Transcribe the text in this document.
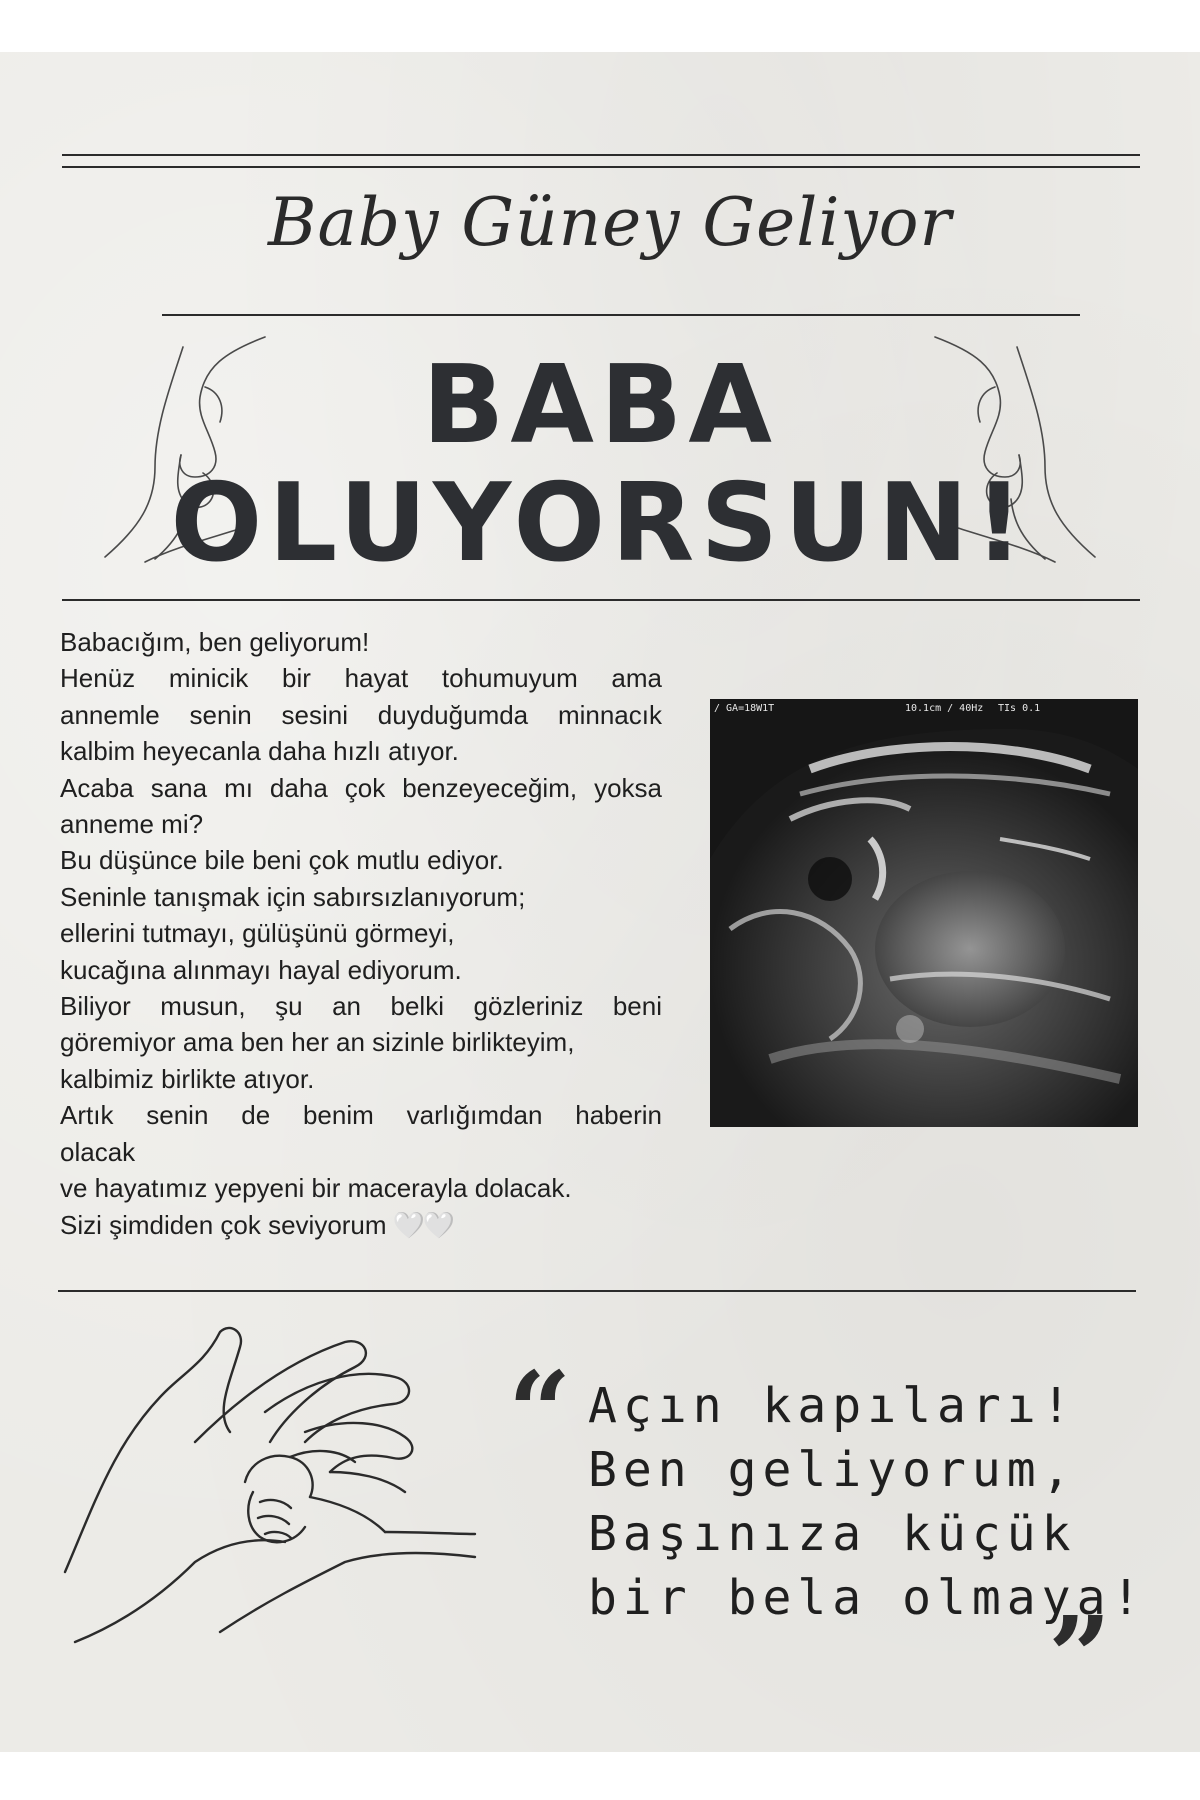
Baby Güney Geliyor
BABA
OLUYORSUN!
Babacığım, ben geliyorum!
Henüz minicik bir hayat tohumuyum ama
annemle senin sesini duyduğumda minnacık
kalbim heyecanla daha hızlı atıyor.
Acaba sana mı daha çok benzeyeceğim, yoksa
anneme mi?
Bu düşünce bile beni çok mutlu ediyor.
Seninle tanışmak için sabırsızlanıyorum;
ellerini tutmayı, gülüşünü görmeyi,
kucağına alınmayı hayal ediyorum.
Biliyor musun, şu an belki gözleriniz beni
göremiyor ama ben her an sizinle birlikteyim,
kalbimiz birlikte atıyor.
Artık senin de benim varlığımdan haberin
olacak
ve hayatımız yepyeni bir macerayla dolacak.
Sizi şimdiden çok seviyorum 🤍🤍
/ GA=18W1T	10.1cm / 40Hz TIs 0.1
“ Açın kapıları!
Ben geliyorum,
Başınıza küçük
bir bela olmaya!
”
